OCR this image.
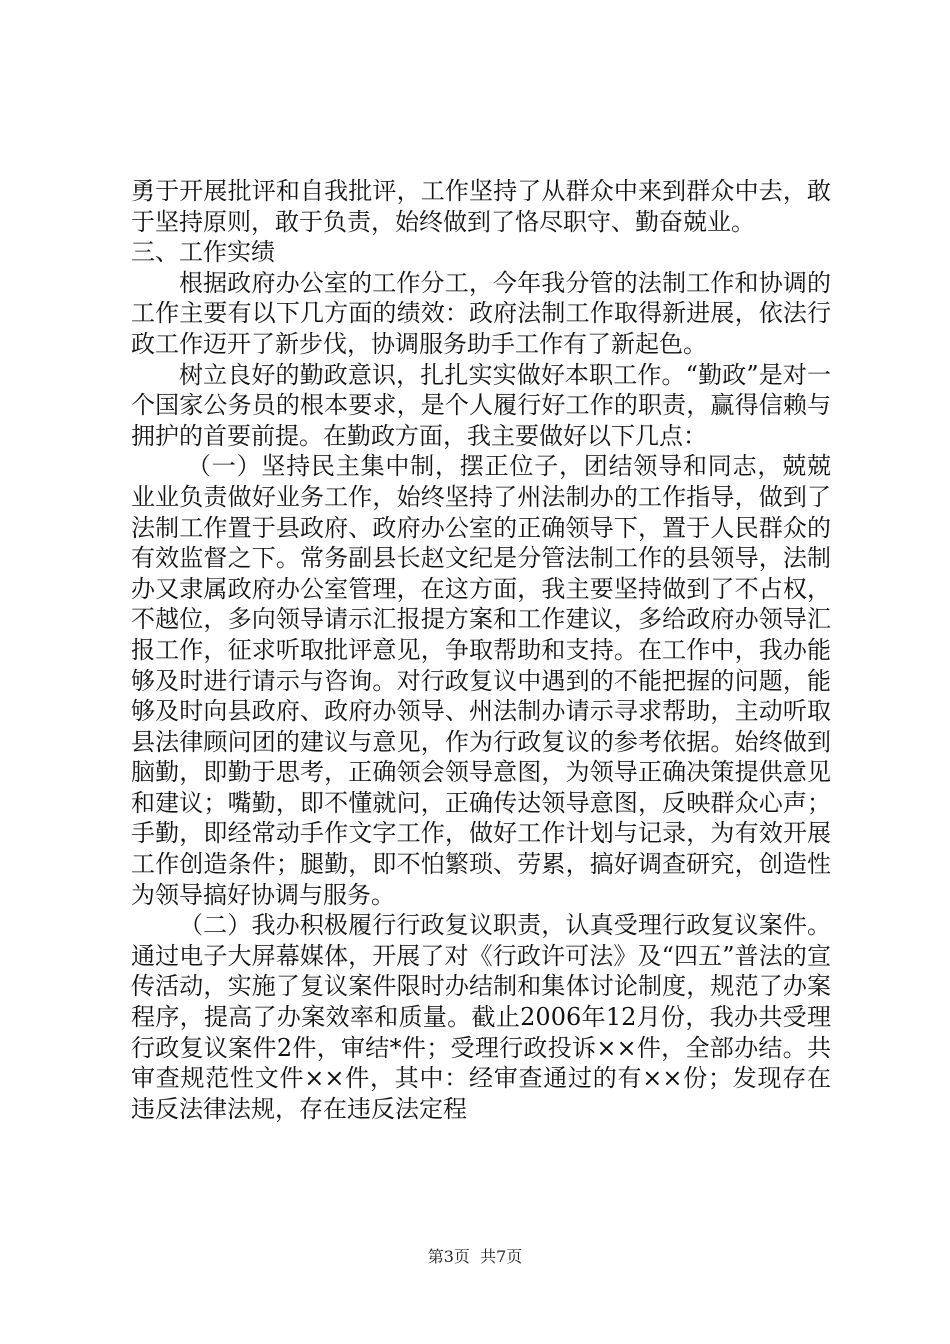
勇于开展批评和自我批评，工作坚持了从群众中来到群众中去，敢于坚持原则，敢于负责，始终做到了恪尽职守、勤奋兢业。

三、工作实绩

根据政府办公室的工作分工，今年我分管的法制工作和协调的工作主要有以下几方面的绩效：政府法制工作取得新进展，依法行政工作迈开了新步伐，协调服务助手工作有了新起色。

树立良好的勤政意识，扎扎实实做好本职工作。“勤政”是对一个国家公务员的根本要求，是个人履行好工作的职责，赢得信赖与拥护的首要前提。在勤政方面，我主要做好以下几点：

（一）坚持民主集中制，摆正位子，团结领导和同志，兢兢业业负责做好业务工作，始终坚持了州法制办的工作指导，做到了法制工作置于县政府、政府办公室的正确领导下，置于人民群众的有效监督之下。常务副县长赵文纪是分管法制工作的县领导，法制办又隶属政府办公室管理，在这方面，我主要坚持做到了不占权，不越位，多向领导请示汇报提方案和工作建议，多给政府办领导汇报工作，征求听取批评意见，争取帮助和支持。在工作中，我办能够及时进行请示与咨询。对行政复议中遇到的不能把握的问题，能够及时向县政府、政府办领导、州法制办请示寻求帮助，主动听取县法律顾问团的建议与意见，作为行政复议的参考依据。始终做到脑勤，即勤于思考，正确领会领导意图，为领导正确决策提供意见和建议；嘴勤，即不懂就问，正确传达领导意图，反映群众心声；手勤，即经常动手作文字工作，做好工作计划与记录，为有效开展工作创造条件；腿勤，即不怕繁琐、劳累，搞好调查研究，创造性为领导搞好协调与服务。

（二）我办积极履行行政复议职责，认真受理行政复议案件。通过电子大屏幕媒体，开展了对《行政许可法》及“四五”普法的宣传活动，实施了复议案件限时办结制和集体讨论制度，规范了办案程序，提高了办案效率和质量。截止2006年12月份，我办共受理行政复议案件2件，审结*件；受理行政投诉××件，全部办结。共审查规范性文件××件，其中：经审查通过的有××份；发现存在违反法律法规，存在违反法定程

第3页  共7页
